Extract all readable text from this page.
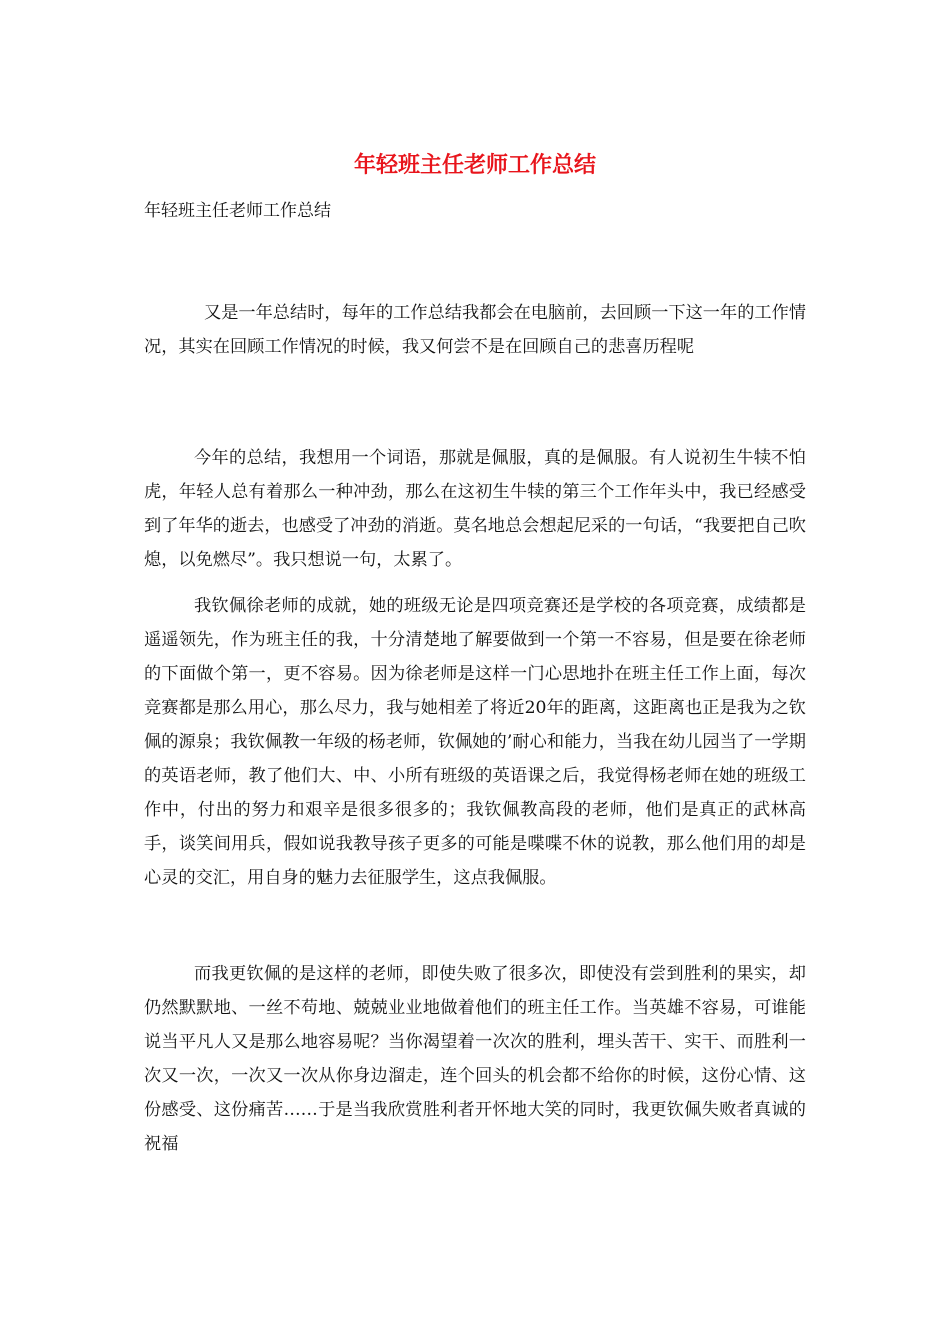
年轻班主任老师工作总结

年轻班主任老师工作总结

又是一年总结时，每年的工作总结我都会在电脑前，去回顾一下这一年的工作情况，其实在回顾工作情况的时候，我又何尝不是在回顾自己的悲喜历程呢

今年的总结，我想用一个词语，那就是佩服，真的是佩服。有人说初生牛犊不怕虎，年轻人总有着那么一种冲劲，那么在这初生牛犊的第三个工作年头中，我已经感受到了年华的逝去，也感受了冲劲的消逝。莫名地总会想起尼采的一句话，“我要把自己吹熄，以免燃尽”。我只想说一句，太累了。

我钦佩徐老师的成就，她的班级无论是四项竞赛还是学校的各项竞赛，成绩都是遥遥领先，作为班主任的我，十分清楚地了解要做到一个第一不容易，但是要在徐老师的下面做个第一，更不容易。因为徐老师是这样一门心思地扑在班主任工作上面，每次竞赛都是那么用心，那么尽力，我与她相差了将近20年的距离，这距离也正是我为之钦佩的源泉；我钦佩教一年级的杨老师，钦佩她的’耐心和能力，当我在幼儿园当了一学期的英语老师，教了他们大、中、小所有班级的英语课之后，我觉得杨老师在她的班级工作中，付出的努力和艰辛是很多很多的；我钦佩教高段的老师，他们是真正的武林高手，谈笑间用兵，假如说我教导孩子更多的可能是喋喋不休的说教，那么他们用的却是心灵的交汇，用自身的魅力去征服学生，这点我佩服。

而我更钦佩的是这样的老师，即使失败了很多次，即使没有尝到胜利的果实，却仍然默默地、一丝不苟地、兢兢业业地做着他们的班主任工作。当英雄不容易，可谁能说当平凡人又是那么地容易呢？当你渴望着一次次的胜利，埋头苦干、实干、而胜利一次又一次，一次又一次从你身边溜走，连个回头的机会都不给你的时候，这份心情、这份感受、这份痛苦……于是当我欣赏胜利者开怀地大笑的同时，我更钦佩失败者真诚的祝福
